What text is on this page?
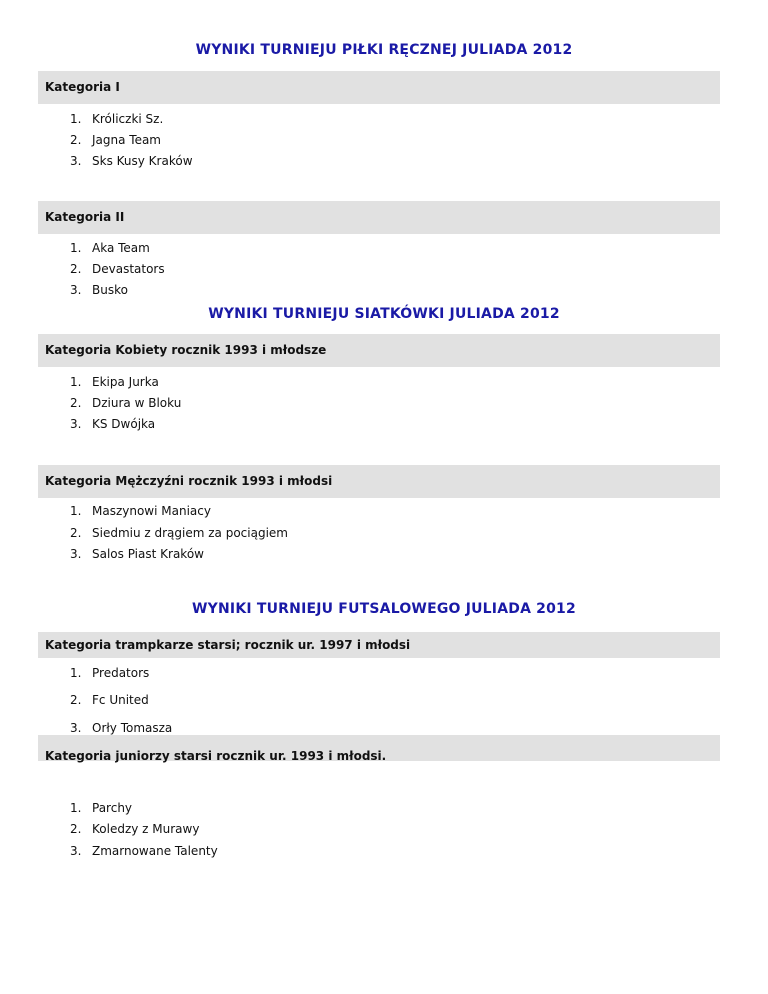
WYNIKI TURNIEJU PIŁKI RĘCZNEJ JULIADA 2012
Kategoria I
1. Króliczki Sz.
2. Jagna Team
3. Sks Kusy Kraków
Kategoria II
1. Aka Team
2. Devastators
3. Busko
WYNIKI TURNIEJU SIATKÓWKI JULIADA 2012
Kategoria Kobiety rocznik 1993 i młodsze
1. Ekipa Jurka
2. Dziura w Bloku
3. KS Dwójka
Kategoria Mężczyźni rocznik 1993 i młodsi
1. Maszynowi Maniacy
2. Siedmiu z drągiem za pociągiem
3. Salos Piast Kraków
WYNIKI TURNIEJU FUTSALOWEGO JULIADA 2012
Kategoria trampkarze starsi; rocznik ur. 1997 i młodsi
1. Predators
2. Fc United
3. Orły Tomasza
Kategoria juniorzy starsi rocznik ur. 1993 i młodsi.
1. Parchy
2. Koledzy z Murawy
3. Zmarnowane Talenty
